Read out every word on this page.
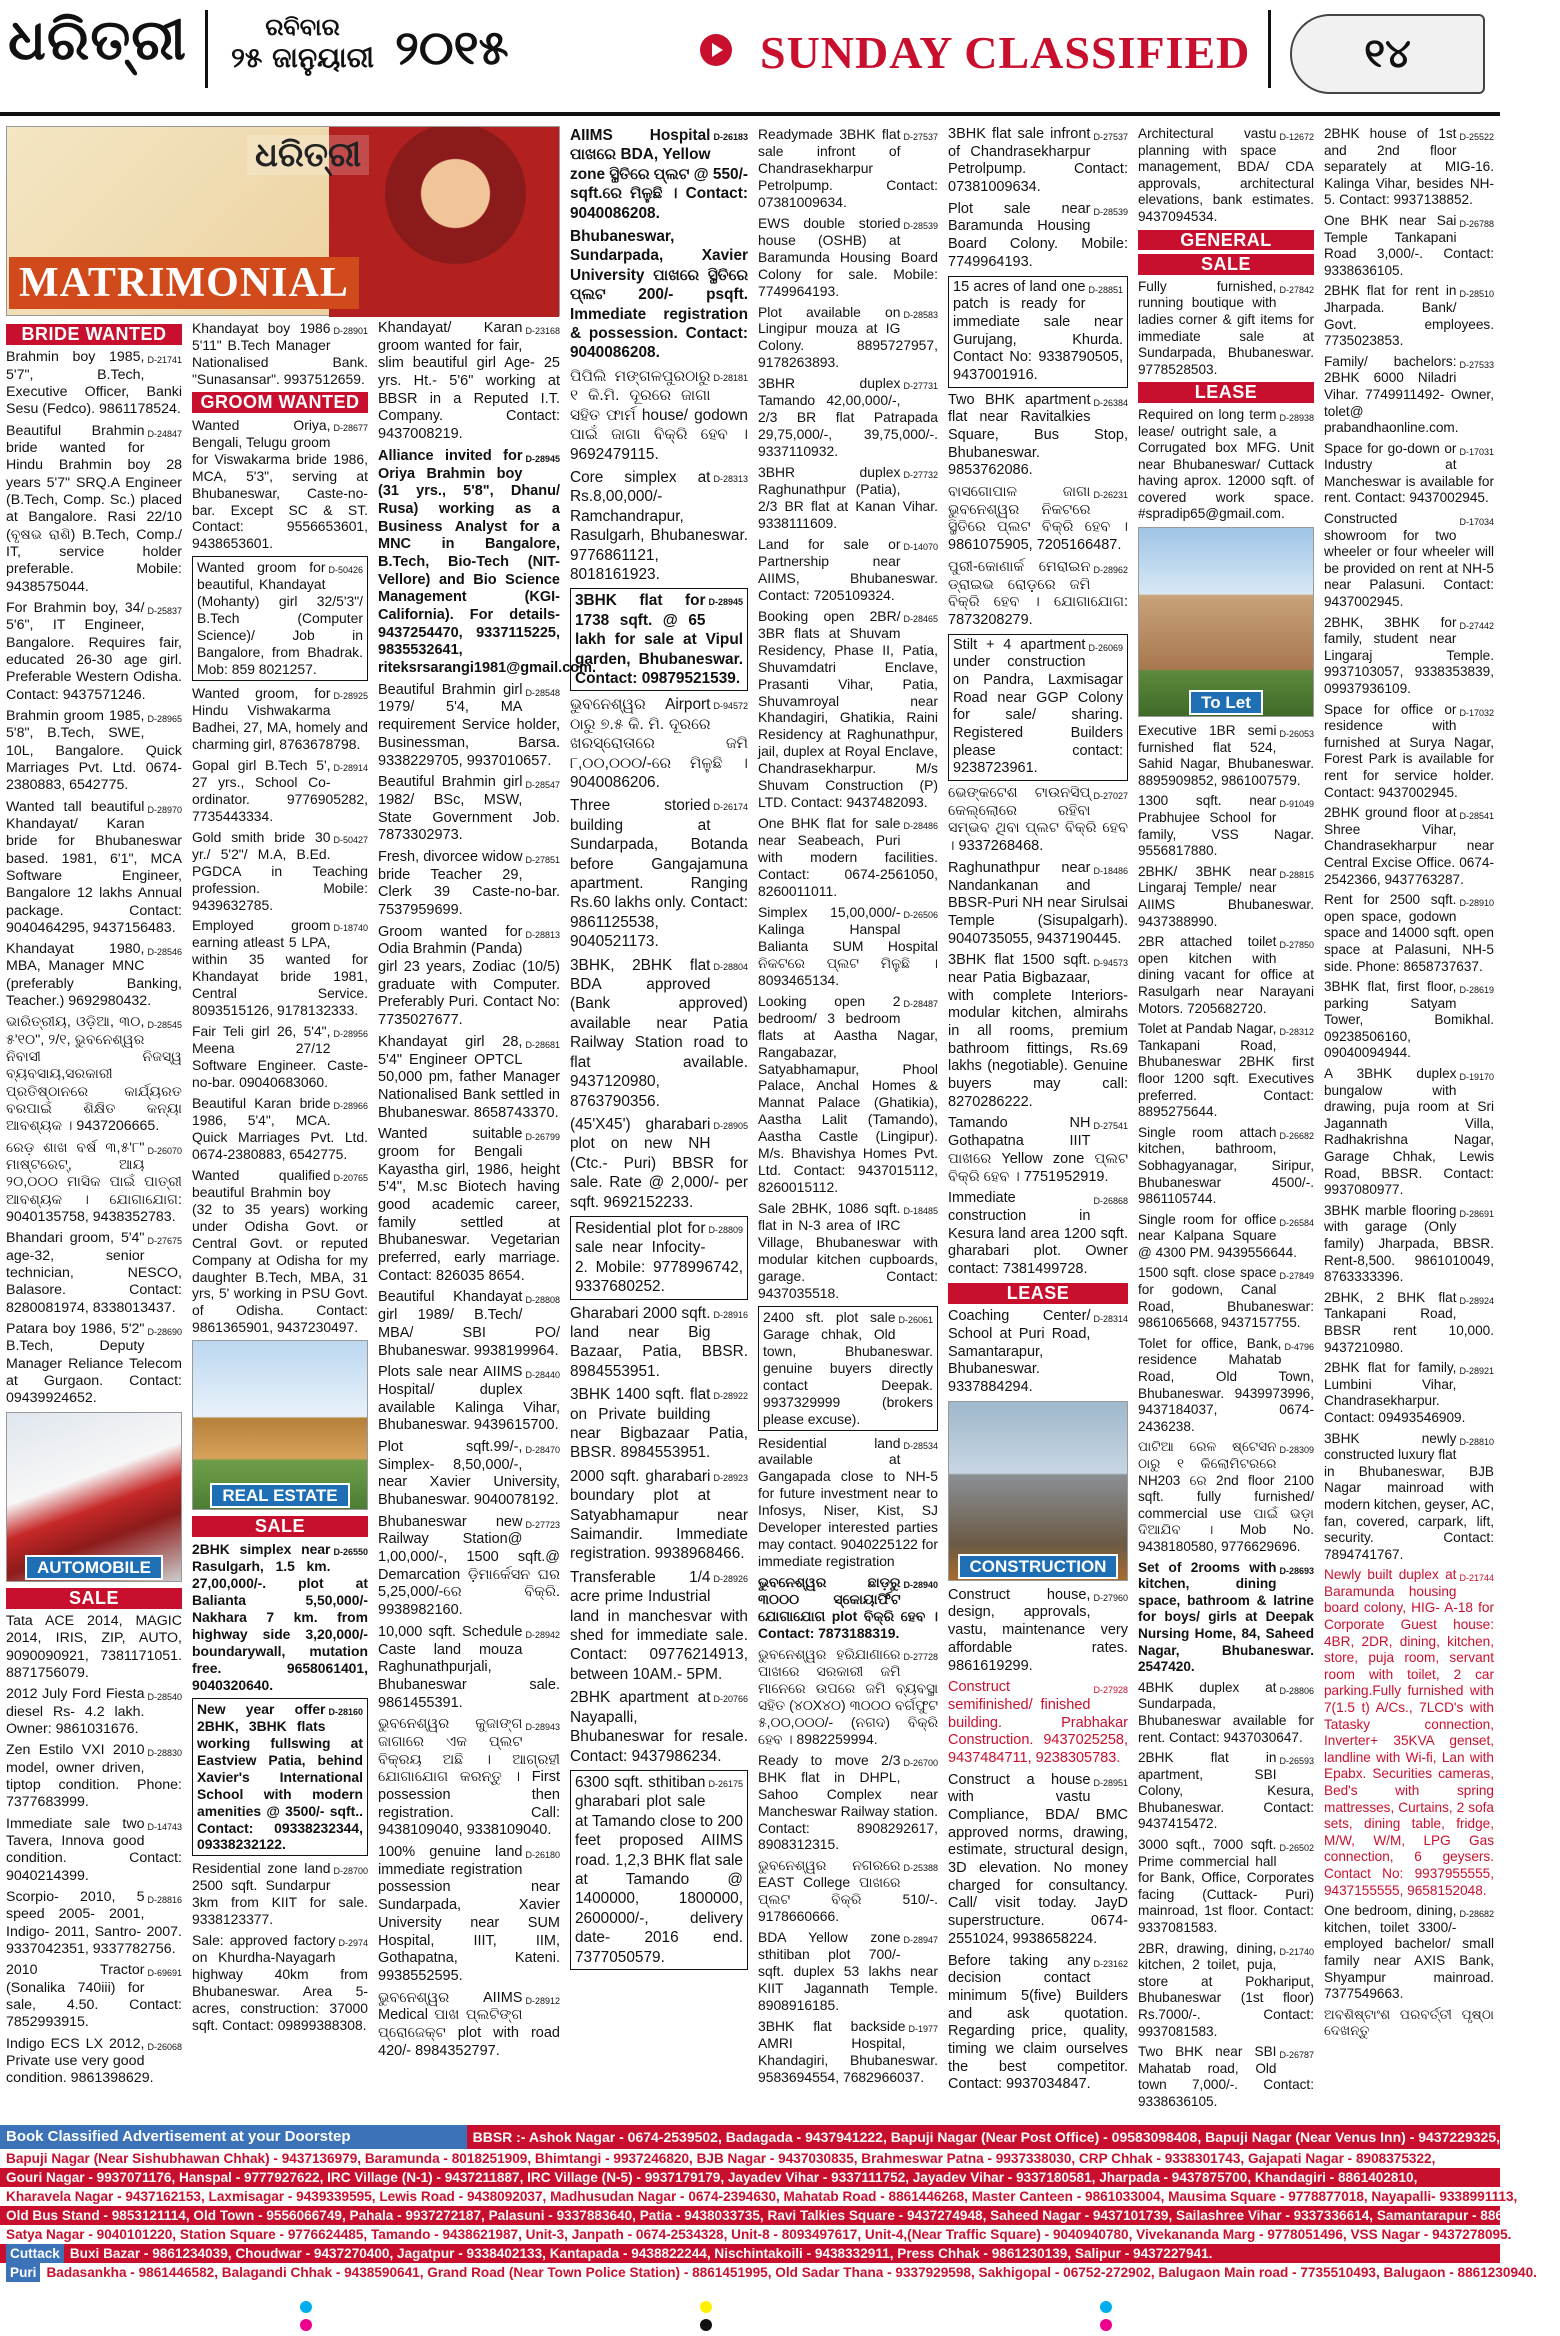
ଧରିତ୍ରୀ	ରବିବାର
୨୫ ଜାନୁୟାରୀ ୨୦୧୫	SUNDAY CLASSIFIED	୧୪
ଧରିତ୍ରୀ
MATRIMONIAL
BRIDE WANTED
D-21741
Brahmin boy 1985, 5'7", B.Tech, Executive Officer, Banki Sesu (Fedco). 9861178524.
D-24847
Beautiful Brahmin bride wanted for Hindu Brahmin boy 28 years 5'7" SRQ.A Engineer (B.Tech, Comp. Sc.) placed at Bangalore. Rasi 22/10 (ବୃଷଭ ରାଶି) B.Tech, Comp./ IT, service holder preferable. Mobile: 9438575044.
D-25837
For Brahmin boy, 34/ 5'6", IT Engineer, Bangalore. Requires fair, educated 26-30 age girl. Preferable Western Odisha. Contact: 9437571246.
D-28965
Brahmin groom 1985, 5'8", B.Tech, SWE, 10L, Bangalore. Quick Marriages Pvt. Ltd. 0674-2380883, 6542775.
D-28970
Wanted tall beautiful Khandayat/ Karan bride for Bhubaneswar based. 1981, 6'1", MCA Software Engineer, Bangalore 12 lakhs Annual package. Contact: 9040464295, 9437156483.
D-28546
Khandayat 1980, MBA, Manager MNC (preferably Banking, Teacher.) 9692980432.
D-28545
ଭାରିତ୍ରୀୟ, ଓଡ଼ିଆ, ୩୦, ୫'୧୦", ୨/୧, ଭୁବନେଶ୍ୱର ନିବାସୀ ନିଜସ୍ୱ ବ୍ୟବସାୟ,ସରକାରୀ ପ୍ରତିଷ୍ଠାନରେ କାର୍ଯ୍ୟରତ ବରପାଇଁ ଶିକ୍ଷିତ କନ୍ୟା ଆବଶ୍ୟକ । 9437206665.
D-26070
ରେଡ଼ ଶାଖ ବର୍ଷ ୩,୫'୮" ମାଷ୍ଟରେଟ୍, ଆୟ ୨୦,୦୦୦ ମାସିକ ପାଇଁ ପାତ୍ରୀ ଆବଶ୍ୟକ । ଯୋଗାଯୋଗ: 9040135758, 9438352783.
D-27675
Bhandari groom, 5'4" age-32, senior technician, NESCO, Balasore. Contact: 8280081974, 8338013437.
D-28690
Patara boy 1986, 5'2" B.Tech, Deputy Manager Reliance Telecom at Gurgaon. Contact: 09439924652.
AUTOMOBILE
SALE
Tata ACE 2014, MAGIC 2014, IRIS, ZIP, AUTO, 9090090921, 7381171051. 8871756079.
D-28540
2012 July Ford Fiesta diesel Rs- 4.2 lakh. Owner: 9861031676.
D-28830
Zen Estilo VXI 2010 model, owner driven, tiptop condition. Phone: 7377683999.
D-14743
Immediate sale two Tavera, Innova good condition. Contact: 9040214399.
D-28816
Scorpio- 2010, 5 speed 2005- 2001, Indigo- 2011, Santro- 2007. 9337042351, 9337782756.
D-69691
2010 Tractor (Sonalika 740iii) for sale, 4.50. Contact: 7852993915.
D-26068
Indigo ECS LX 2012, Private use very good condition. 9861398629.
D-28901
Khandayat boy 1986 5'11" B.Tech Manager Nationalised Bank. "Sunasansar". 9937512659.
GROOM WANTED
D-28677
Wanted Oriya, Bengali, Telugu groom for Viswakarma bride 1986, MCA, 5'3", serving at Bhubaneswar, Caste-no-bar. Except SC & ST. Contact: 9556653601, 9438653601.
D-50426
Wanted groom for beautiful, Khandayat (Mohanty) girl 32/5'3"/ B.Tech (Computer Science)/ Job in Bangalore, from Bhadrak. Mob: 859 8021257.
D-28925
Wanted groom, for Hindu Vishwakarma Badhei, 27, MA, homely and charming girl, 8763678798.
D-28914
Gopal girl B.Tech 5', 27 yrs., School Co-ordinator. 9776905282, 7735443334.
D-50427
Gold smith bride 30 yr./ 5'2"/ M.A, B.Ed. PGDCA in Teaching profession. Mobile: 9439632785.
D-18740
Employed groom earning atleast 5 LPA, within 35 wanted for Khandayat bride 1981, Central Service. 8093515126, 9178132333.
D-28956
Fair Teli girl 26, 5'4", Meena 27/12 Software Engineer. Caste-no-bar. 09040683060.
D-28966
Beautiful Karan bride 1986, 5'4", MCA. Quick Marriages Pvt. Ltd. 0674-2380883, 6542775.
D-20765
Wanted qualified beautiful Brahmin boy (32 to 35 years) working under Odisha Govt. or Central Govt. or reputed Company at Odisha for my daughter B.Tech, MBA, 31 yrs, 5' working in PSU Govt. of Odisha. Contact: 9861365901, 9437230497.
REAL ESTATE
SALE
D-26550
2BHK simplex near Rasulgarh, 1.5 km. 27,00,000/-. plot at Balianta 5,50,000/- Nakhara 7 km. from highway side 3,20,000/- boundarywall, mutation free. 9658061401, 9040320640.
D-28160
New year offer 2BHK, 3BHK flats working fullswing at Eastview Patia, behind Xavier's International School with modern amenities @ 3500/- sqft.. Contact: 09338232344, 09338232122.
D-28700
Residential zone land 2500 sqft. Sundarpur 3km from KIIT for sale. 9338123377.
D-2974
Sale: approved factory on Khurdha-Nayagarh highway 40km from Bhubaneswar. Area 5- acres, construction: 37000 sqft. Contact: 09899388308.
D-23168
Khandayat/ Karan groom wanted for fair, slim beautiful girl Age- 25 yrs. Ht.- 5'6" working at BBSR in a Reputed I.T. Company. Contact: 9437008219.
D-28945
Alliance invited for Oriya Brahmin boy (31 yrs., 5'8", Dhanu/ Rusa) working as a Business Analyst for a MNC in Bangalore, B.Tech, Bio-Tech (NIT- Vellore) and Bio Science Management (KGI- California). For details- 9437254470, 9337115225, 9835532641, riteksrsarangi1981@gmail.com.
D-28548
Beautiful Brahmin girl 1979/ 5'4, MA requirement Service holder, Businessman, Barsa. 9338229705, 9937010657.
D-28547
Beautiful Brahmin girl 1982/ BSc, MSW, State Government Job. 7873302973.
D-27851
Fresh, divorcee widow bride Teacher 29, Clerk 39 Caste-no-bar. 7537959699.
D-28813
Groom wanted for Odia Brahmin (Panda) girl 23 years, Zodiac (10/5) graduate with Computer. Preferably Puri. Contact No: 7735027677.
D-28681
Khandayat girl 28, 5'4" Engineer OPTCL 50,000 pm, father Manager Nationalised Bank settled in Bhubaneswar. 8658743370.
D-26799
Wanted suitable groom for Bengali Kayastha girl, 1986, height 5'4", M.sc Biotech having good academic career, family settled at Bhubaneswar. Vegetarian preferred, early marriage. Contact: 826035 8654.
D-28808
Beautiful Khandayat girl 1989/ B.Tech/ MBA/ SBI PO/ Bhubaneswar. 9938199964.
D-28440
Plots sale near AIIMS Hospital/ duplex available Kalinga Vihar, Bhubaneswar. 9439615700.
D-28470
Plot sqft.99/-, Simplex- 8,50,000/-, near Xavier University, Bhubaneswar. 9040078192.
D-27723
Bhubaneswar new Railway Station@ 1,00,000/-, 1500 sqft.@ Demarcation ଡ଼ିମାର୍କେସନ ଘର 5,25,000/-ରେ ବିକ୍ରି. 9938982160.
D-28942
10,000 sqft. Schedule Caste land mouza Raghunathpurjali, Bhubaneswar sale. 9861455391.
D-28943
ଭୁବନେଶ୍ୱର କୁଜାଙ୍ଗ ଜାଗାରେ ଏକ ପ୍ଲଟ ବିକ୍ରୟ ଅଛି । ଆଗ୍ରହୀ ଯୋଗାଯୋଗ କରନ୍ତୁ । First possession then registration. Call: 9438109040, 9338109040.
D-26180
100% genuine land immediate registration possession near Sundarpada, Xavier University near SUM Hospital, IIIT, IIM, Gothapatna, Kateni. 9938552595.
D-28912
ଭୁବନେଶ୍ୱର AIIMS Medical ପାଖ ପ୍ଲଟିଙ୍ଗ ପ୍ରୋଜେକ୍ଟ plot with road 420/- 8984352797.
D-26183
AIIMS Hospital ପାଖରେ BDA, Yellow zone ସ୍ଥିତିରେ ପ୍ଲଟ @ 550/- sqft.ରେ ମିଳୁଛି । Contact: 9040086208.
Bhubaneswar, Sundarpada, Xavier University ପାଖରେ ସ୍ଥିତିରେ ପ୍ଲଟ 200/- psqft. Immediate registration & possession. Contact: 9040086208.
D-28181
ପିପିଲି ମଙ୍ଗଳପୁରଠାରୁ ୧ କି.ମି. ଦୂରରେ ଜାଗା ସହିତ ଫାର୍ମ house/ godown ପାଇଁ ଜାଗା ବିକ୍ରି ହେବ । 9692479115.
D-28313
Core simplex at Rs.8,00,000/- Ramchandrapur, Rasulgarh, Bhubaneswar. 9776861121, 8018161923.
D-28945
3BHK flat for 1738 sqft. @ 65 lakh for sale at Vipul garden, Bhubaneswar. Contact: 09879521539.
D-94572
ଭୁବନେଶ୍ୱର Airport ଠାରୁ ୭.୫ କି. ମି. ଦୂରରେ ଖରସ୍ରୋତାରେ ଜମି ୮,୦୦,୦୦୦/-ରେ ମିଳୁଛି । 9040086206.
D-26174
Three storied building at Sundarpada, Botanda before Gangajamuna apartment. Ranging Rs.60 lakhs only. Contact: 9861125538, 9040521173.
D-28804
3BHK, 2BHK flat BDA approved (Bank approved) available near Patia Railway Station road to flat available. 9437120980, 8763790356.
D-28905
(45'X45') gharabari plot on new NH (Ctc.- Puri) BBSR for sale. Rate @ 2,000/- per sqft. 9692152233.
D-28809
Residential plot for sale near Infocity-2. Mobile: 9778996742, 9337680252.
D-28916
Gharabari 2000 sqft. land near Big Bazaar, Patia, BBSR. 8984553951.
D-28922
3BHK 1400 sqft. flat on Private building near Bigbazaar Patia, BBSR. 8984553951.
D-28923
2000 sqft. gharabari boundary plot at Satyabhamapur near Saimandir. Immediate registration. 9938968466.
D-28926
Transferable 1/4 acre prime Industrial land in manchesvar with shed for immediate sale. Contact: 09776214913, between 10AM.- 5PM.
D-20766
2BHK apartment at Nayapalli, Bhubaneswar for resale. Contact: 9437986234.
D-26175
6300 sqft. sthitiban gharabari plot sale at Tamando close to 200 feet proposed AIIMS road. 1,2,3 BHK flat sale at Tamando @ 1400000, 1800000, 2600000/-, delivery date- 2016 end. 7377050579.
D-27537
Readymade 3BHK flat sale infront of Chandrasekharpur Petrolpump. Contact: 07381009634.
D-28539
EWS double storied house (OSHB) at Baramunda Housing Board Colony for sale. Mobile: 7749964193.
D-28583
Plot available on Lingipur mouza at IG Colony. 8895727957, 9178263893.
D-27731
3BHR duplex Tamando 42,00,000/-, 2/3 BR flat Patrapada 29,75,000/-, 39,75,000/-. 9337110932.
D-27732
3BHR duplex Raghunathpur (Patia), 2/3 BR flat at Kanan Vihar. 9338111609.
D-14070
Land for sale or Partnership near AIIMS, Bhubaneswar. Contact: 7205109324.
D-28465
Booking open 2BR/ 3BR flats at Shuvam Residency, Phase II, Patia, Shuvamdatri Enclave, Prasanti Vihar, Patia, Shuvamroyal near Khandagiri, Ghatikia, Raini Residency at Raghunathpur, jail, duplex at Royal Enclave, Chandrasekharpur. M/s Shuvam Construction (P) LTD. Contact: 9437482093.
D-28486
One BHK flat for sale near Seabeach, Puri with modern facilities. Contact: 0674-2561050, 8260011011.
D-26506
Simplex 15,00,000/- Kalinga Hanspal Balianta SUM Hospital ନିକଟରେ ପ୍ଲଟ ମିଳୁଛି । 8093465134.
D-28487
Looking open 2 bedroom/ 3 bedroom flats at Aastha Nagar, Rangabazar, Satyabhamapur, Phool Palace, Anchal Homes & Mannat Palace (Ghatikia), Aastha Lalit (Tamando), Aastha Castle (Lingipur). M/s. Bhavishya Homes Pvt. Ltd. Contact: 9437015112, 8260015112.
D-18485
Sale 2BHK, 1086 sqft. flat in N-3 area of IRC Village, Bhubaneswar with modular kitchen cupboards, garage. Contact: 9437035518.
D-26061
2400 sft. plot sale Garage chhak, Old town, Bhubaneswar. genuine buyers directly contact Deepak. 9937329999 (brokers please excuse).
D-28534
Residential land available at Gangapada close to NH-5 for future investment near to Infosys, Niser, Kist, SJ Developer interested parties may contact. 9040225122 for immediate registration
D-28940
ଭୁବନେଶ୍ୱର ଛାଡ଼ରୁ ୩୦୦୦ ସ୍କୋୟାର୍ଫିଟ ଯୋଗାଯୋଗ plot ବିକ୍ରି ହେବ । Contact: 7873188319.
D-27728
ଭୁବନେଶ୍ୱର ହରିଯାଣାରେ ପାଖରେ ସରକାରୀ ଜମି ମାନେରେ ଉପରେ ଜମି ବ୍ୟବସ୍ଥା ସହିତ (୪୦X୪୦) ୩୦୦୦ ବର୍ଗଫୁଟ ୫,୦୦,୦୦୦/- (ନଗଦ) ବିକ୍ରି ହେବ । 8982259994.
D-26700
Ready to move 2/3 BHK flat in DHPL, Sahoo Complex near Mancheswar Railway station. Contact: 8908292617, 8908312315.
D-25388
ଭୁବନେଶ୍ୱର ନଗରରେ EAST College ପାଖରେ ପ୍ଲଟ ବିକ୍ରି 510/-. 9178660666.
D-28947
BDA Yellow zone sthitiban plot 700/- sqft. duplex 53 lakhs near KIIT Jagannath Temple. 8908916185.
D-1977
3BHK flat backside AMRI Hospital, Khandagiri, Bhubaneswar. 9583694554, 7682966037.
D-27537
3BHK flat sale infront of Chandrasekharpur Petrolpump. Contact: 07381009634.
D-28539
Plot sale near Baramunda Housing Board Colony. Mobile: 7749964193.
D-28851
15 acres of land one patch is ready for immediate sale near Gurujang, Khurda. Contact No: 9338790505, 9437001916.
D-26384
Two BHK apartment flat near Ravitalkies Square, Bus Stop, Bhubaneswar. 9853762086.
D-26231
ବାସଗୋପାଳ ଜାଗା ଭୁବନେଶ୍ୱର ନିକଟରେ ସ୍ଥିତିରେ ପ୍ଲଟ ବିକ୍ରି ହେବ । 9861075905, 7205166487.
D-28962
ପୁରୀ-କୋଣାର୍କ ମେରାଇନ ଡ୍ରାଇଭ ରୋଡ଼ରେ ଜମି ବିକ୍ରି ହେବ । ଯୋଗାଯୋଗ: 7873208279.
D-26069
Stilt + 4 apartment under construction on Pandra, Laxmisagar Road near GGP Colony for sale/ sharing. Registered Builders please contact: 9238723961.
D-27027
ଭେଙ୍କଟେଶ ଟାଉନସିପ୍ କେଲ୍ଲୋରେ ରହିବା ସମ୍ଭବ ଥିବା ପ୍ଲଟ ବିକ୍ରି ହେବ । 9337268468.
D-18486
Raghunathpur near Nandankanan and BBSR-Puri NH near Sirulsai Temple (Sisupalgarh). 9040735055, 9437190445.
D-94573
3BHK flat 1500 sqft. near Patia Bigbazaar, with complete Interiors-modular kitchen, almirahs in all rooms, premium bathroom fittings, Rs.69 lakhs (negotiable). Genuine buyers may call: 8270286222.
D-27541
Tamando NH Gothapatna IIIT ପାଖରେ Yellow zone ପ୍ଲଟ ବିକ୍ରି ହେବ । 7751952919.
D-26868
Immediate construction in Kesura land area 1200 sqft. gharabari plot. Owner contact: 7381499728.
LEASE
D-28314
Coaching Center/ School at Puri Road, Samantarapur, Bhubaneswar. 9337884294.
CONSTRUCTION
D-27960
Construct house, design, approvals, vastu, maintenance very affordable rates. 9861619299.
D-27928
Construct semifinished/ finished building. Prabhakar Construction. 9437025258, 9437484711, 9238305783.
D-28951
Construct a house with vastu Compliance, BDA/ BMC approved norms, drawing, estimate, structural design, 3D elevation. No money charged for consultancy. Call/ visit today. JayD superstructure. 0674-2551024, 9938658224.
D-23162
Before taking any decision contact minimum 5(five) Builders and ask quotation. Regarding price, quality, timing we claim ourselves the best competitor. Contact: 9937034847.
D-12672
Architectural vastu planning with space management, BDA/ CDA approvals, architectural elevations, bank estimates. 9437094534.
GENERAL
SALE
D-27842
Fully furnished, running boutique with ladies corner & gift items for immediate sale at Sundarpada, Bhubaneswar. 9778528503.
LEASE
D-28938
Required on long term lease/ outright sale, a Corrugated box MFG. Unit near Bhubaneswar/ Cuttack having aprox. 12000 sqft. of covered work space. #spradip65@gmail.com.
To Let
D-26053
Executive 1BR semi furnished flat 524, Sahid Nagar, Bhubaneswar. 8895909852, 9861007579.
D-91049
1300 sqft. near Prabhujee School for family, VSS Nagar. 9556817880.
D-28815
2BHK/ 3BHK near Lingaraj Temple/ near AIIMS Bhubaneswar. 9437388990.
D-27850
2BR attached toilet open kitchen with dining vacant for office at Rasulgarh near Narayani Motors. 7205682720.
D-28312
Tolet at Pandab Nagar, Tankapani Road, Bhubaneswar 2BHK first floor 1200 sqft. Executives preferred. Contact: 8895275644.
D-26682
Single room attach kitchen, bathroom, Sobhagyanagar, Siripur, Bhubaneswar 4500/-. 9861105744.
D-26584
Single room for office near Kalpana Square @ 4300 PM. 9439556644.
D-27849
1500 sqft. close space for godown, Canal Road, Bhubaneswar: 9861065668, 9437157755.
D-4796
Tolet for office, Bank, residence Mahatab Road, Old Town, Bhubaneswar. 9439973996, 9437184037, 0674- 2436238.
D-28309
ପାଟିଆ ରେଳ ଷ୍ଟେସନ ଠାରୁ ୧ କିଲୋମିଟରରେ NH203 ରେ 2nd floor 2100 sqft. fully furnished/ commercial use ପାଇଁ ଭଡ଼ା ଦିଆଯିବ । Mob No. 9438180580, 9776629696.
D-28693
Set of 2rooms with kitchen, dining space, bathroom & latrine for boys/ girls at Deepak Nursing Home, 84, Saheed Nagar, Bhubaneswar. 2547420.
D-28806
4BHK duplex at Sundarpada, Bhubaneswar available for rent. Contact: 9437030647.
D-26593
2BHK flat in apartment, SBI Colony, Kesura, Bhubaneswar. Contact: 9437415472.
D-26502
3000 sqft., 7000 sqft. Prime commercial hall for Bank, Office, Corporates facing (Cuttack- Puri) mainroad, 1st floor. Contact: 9337081583.
D-21740
2BR, drawing, dining, kitchen, 2 toilet, puja, store at Pokhariput, Bhubaneswar (1st floor) Rs.7000/-. Contact: 9937081583.
D-26787
Two BHK near SBI Mahatab road, Old town 7,000/-. Contact: 9338636105.
D-25522
2BHK house of 1st and 2nd floor separately at MIG-16. Kalinga Vihar, besides NH-5. Contact: 9937138852.
D-26788
One BHK near Sai Temple Tankapani Road 3,000/-. Contact: 9338636105.
D-28510
2BHK flat for rent in Jharpada. Bank/ Govt. employees. 7735023853.
D-27533
Family/ bachelors: 2BHK 6000 Niladri Vihar. 7749911492- Owner, tolet@ prabandhaonline.com.
D-17031
Space for go-down or Industry at Mancheswar is available for rent. Contact: 9437002945.
D-17034
Constructed showroom for two wheeler or four wheeler will be provided on rent at NH-5 near Palasuni. Contact: 9437002945.
D-27442
2BHK, 3BHK for family, student near Lingaraj Temple. 9937103057, 9338353839, 09937936109.
D-17032
Space for office or residence with furnished at Surya Nagar, Forest Park is available for rent for service holder. Contact: 9437002945.
D-28541
2BHK ground floor at Shree Vihar, Chandrasekharpur near Central Excise Office. 0674- 2542366, 9437763287.
D-28910
Rent for 2500 sqft. open space, godown space and 14000 sqft. open space at Palasuni, NH-5 side. Phone: 8658737637.
D-28619
3BHK flat, first floor, parking Satyam Tower, Bomikhal. 09238506160, 09040094944.
D-19170
A 3BHK duplex bungalow with drawing, puja room at Sri Jagannath Villa, Radhakrishna Nagar, Garage Chhak, Lewis Road, BBSR. Contact: 9937080977.
D-28691
3BHK marble flooring with garage (Only family) Jharpada, BBSR. Rent-8,500. 9861010049, 8763333396.
D-28924
2BHK, 2 BHK flat Tankapani Road, BBSR rent 10,000. 9437210980.
D-28921
2BHK flat for family, Lumbini Vihar, Chandrasekharpur. Contact: 09493546909.
D-28810
3BHK newly constructed luxury flat in Bhubaneswar, BJB Nagar mainroad with modern kitchen, geyser, AC, fan, covered, carpark, lift, security. Contact: 7894741767.
D-21744
Newly built duplex at Baramunda housing board colony, HIG- A-18 for Corporate Guest house: 4BR, 2DR, dining, kitchen, store, puja room, servant room with toilet, 2 car parking.Fully furnished with 7(1.5 t) A/Cs., 7LCD's with Tatasky connection, Inverter+ 35KVA genset, landline with Wi-fi, Lan with Epabx. Securities cameras, Bed's with spring mattresses, Curtains, 2 sofa sets, dining table, fridge, M/W, W/M, LPG Gas connection, 6 geysers. Contact No: 9937955555, 9437155555, 9658152048.
D-28682
One bedroom, dining, kitchen, toilet 3300/- employed bachelor/ small family near AXIS Bank, Shyampur mainroad. 7377549663.
ଅବଶିଷ୍ଟାଂଶ ପରବର୍ତ୍ତୀ ପୃଷ୍ଠା ଦେଖନ୍ତୁ
Book Classified Advertisement at your Doorstep	BBSR :- Ashok Nagar - 0674-2539502, Badagada - 9437941222, Bapuji Nagar (Near Post Office) - 09583098408, Bapuji Nagar (Near Venus Inn) - 9437229325,
Bapuji Nagar (Near Sishubhawan Chhak) - 9437136979, Baramunda - 8018251909, Bhimtangi - 9937246820, BJB Nagar - 9437030835, Brahmeswar Patna - 9937338030, CRP Chhak - 9338301743, Gajapati Nagar - 8908375322,
Gouri Nagar - 9937071176, Hanspal - 9777927622, IRC Village (N-1) - 9437211887, IRC Village (N-5) - 9937179179, Jayadev Vihar - 9337111752, Jayadev Vihar - 9337180581, Jharpada - 9437875700, Khandagiri - 8861402810,
Kharavela Nagar - 9437162153, Laxmisagar - 9439339595, Lewis Road - 9438092037, Madhusudan Nagar - 0674-2394630, Mahatab Road - 8861446268, Master Canteen - 9861033004, Mausima Square - 9778877018, Nayapalli- 9338991113,
Old Bus Stand - 9853121114, Old Town - 9556066749, Pahala - 9937272187, Palasuni - 9337883640, Patia - 9438033735, Ravi Talkies Square - 9437274948, Saheed Nagar - 9437101739, Sailashree Vihar - 9337336614, Samantarapur - 8861095703,
Satya Nagar - 9040101220, Station Square - 9776624485, Tamando - 9438621987, Unit-3, Janpath - 0674-2534328, Unit-8 - 8093497617, Unit-4,(Near Traffic Square) - 9040940780, Vivekananda Marg - 9778051496, VSS Nagar - 9437278095.
Cuttack Buxi Bazar - 9861234039, Choudwar - 9437270400, Jagatpur - 9338402133, Kantapada - 9438822244, Nischintakoili - 9438332911, Press Chhak - 9861230139, Salipur - 9437227941.
Puri Badasankha - 9861446582, Balagandi Chhak - 9438590641, Grand Road (Near Town Police Station) - 8861451995, Old Sadar Thana - 9337929598, Sakhigopal - 06752-272902, Balugaon Main road - 7735510493, Balugaon - 8861230940.
